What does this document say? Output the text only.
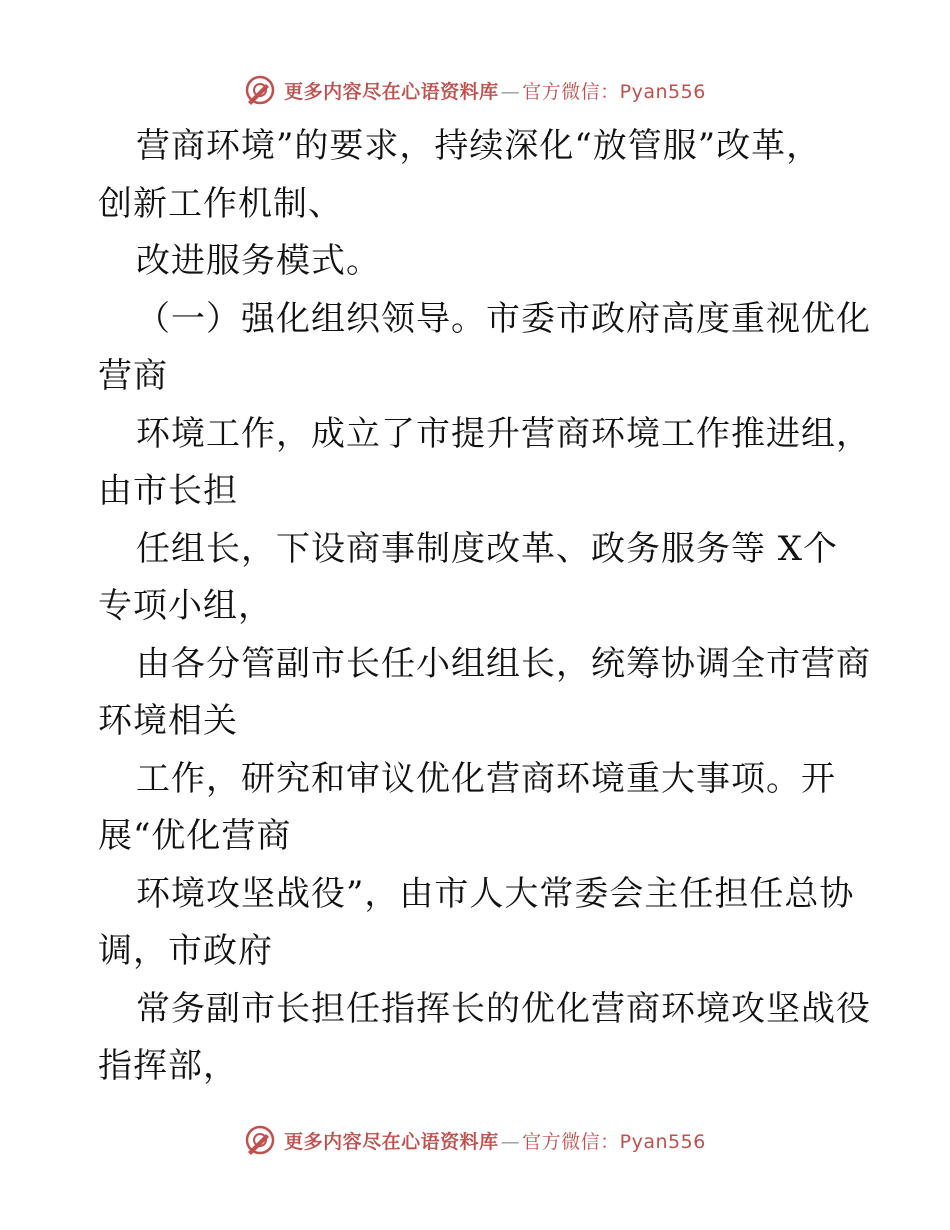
更多内容尽在心语资料库 — 官方微信：Pyan556
营商环境”的要求，持续深化“放管服”改革，
创新工作机制、
改进服务模式。
（一）强化组织领导。市委市政府高度重视优化
营商
环境工作，成立了市提升营商环境工作推进组，
由市长担
任组长，下设商事制度改革、政务服务等 X个
专项小组，
由各分管副市长任小组组长，统筹协调全市营商
环境相关
工作，研究和审议优化营商环境重大事项。开
展“优化营商
环境攻坚战役”，由市人大常委会主任担任总协
调，市政府
常务副市长担任指挥长的优化营商环境攻坚战役
指挥部，
更多内容尽在心语资料库 — 官方微信：Pyan556
